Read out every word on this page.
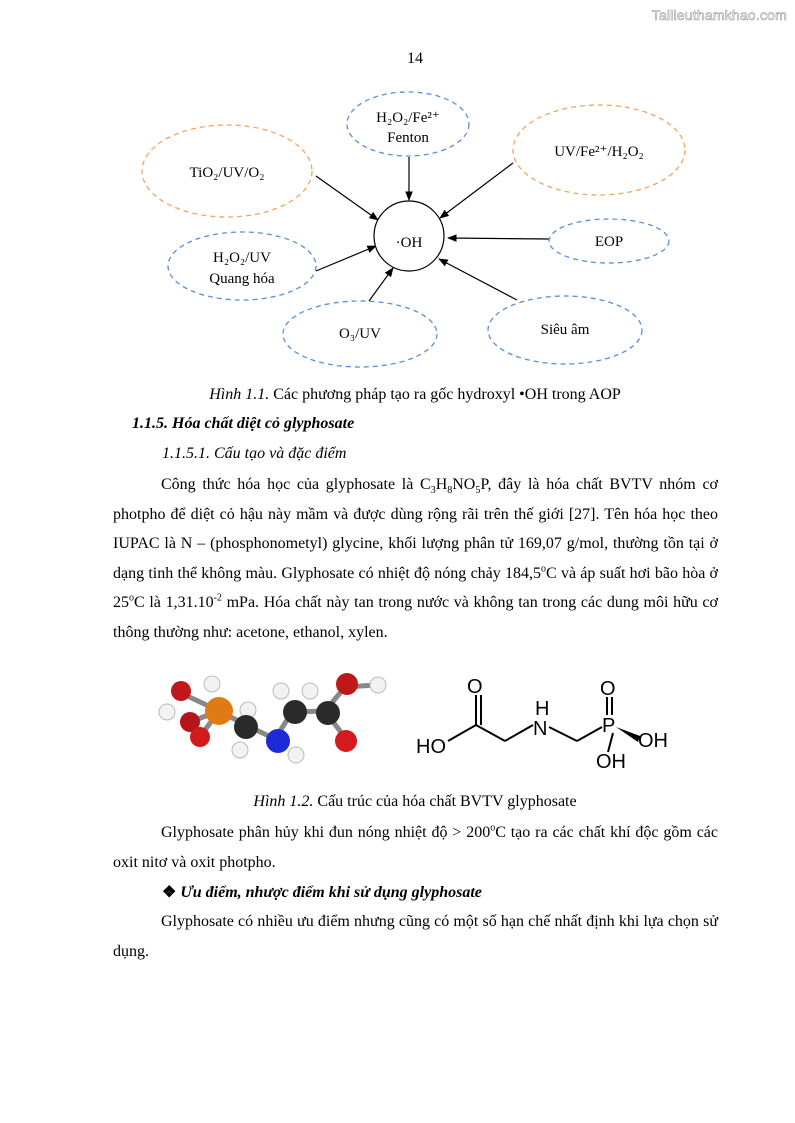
Tailieuthamkhao.com
14
·OH
H₂O₂/Fe²⁺
Fenton
TiO₂/UV/O₂
UV/Fe²⁺/H₂O₂
EOP
H₂O₂/UV
Quang hóa
O₃/UV	Siêu âm
Hình 1.1. Các phương pháp tạo ra gốc hydroxyl •OH trong AOP
1.1.5. Hóa chất diệt cỏ glyphosate
1.1.5.1. Cấu tạo và đặc điểm

Công thức hóa học của glyphosate là $C_3H_8NO_5P$, đây là hóa chất BVTV nhóm cơ photpho để diệt cỏ hậu này mầm và được dùng rộng rãi trên thế giới [27]. Tên hóa học theo IUPAC là N – (phosphonometyl) glycine, khối lượng phân tử 169,07 g/mol, thường tồn tại ở dạng tinh thể không màu. Glyphosate có nhiệt độ nóng chảy 184,5$^o$C và áp suất hơi bão hòa ở 25$^o$C là $1,31.10^{-2}$ mPa. Hóa chất này tan trong nước và không tan trong các dung môi hữu cơ thông thường như: acetone, ethanol, xylen.

O
HO
N
H
O
P
OH
OH
Hình 1.2. Cấu trúc của hóa chất BVTV glyphosate

Glyphosate phân hủy khi đun nóng nhiệt độ > $200^oC$ tạo ra các chất khí độc gồm các oxit nitơ và oxit photpho.

❖ Ưu điểm, nhược điểm khi sử dụng glyphosate

Glyphosate có nhiều ưu điểm nhưng cũng có một số hạn chế nhất định khi lựa chọn sử dụng.
